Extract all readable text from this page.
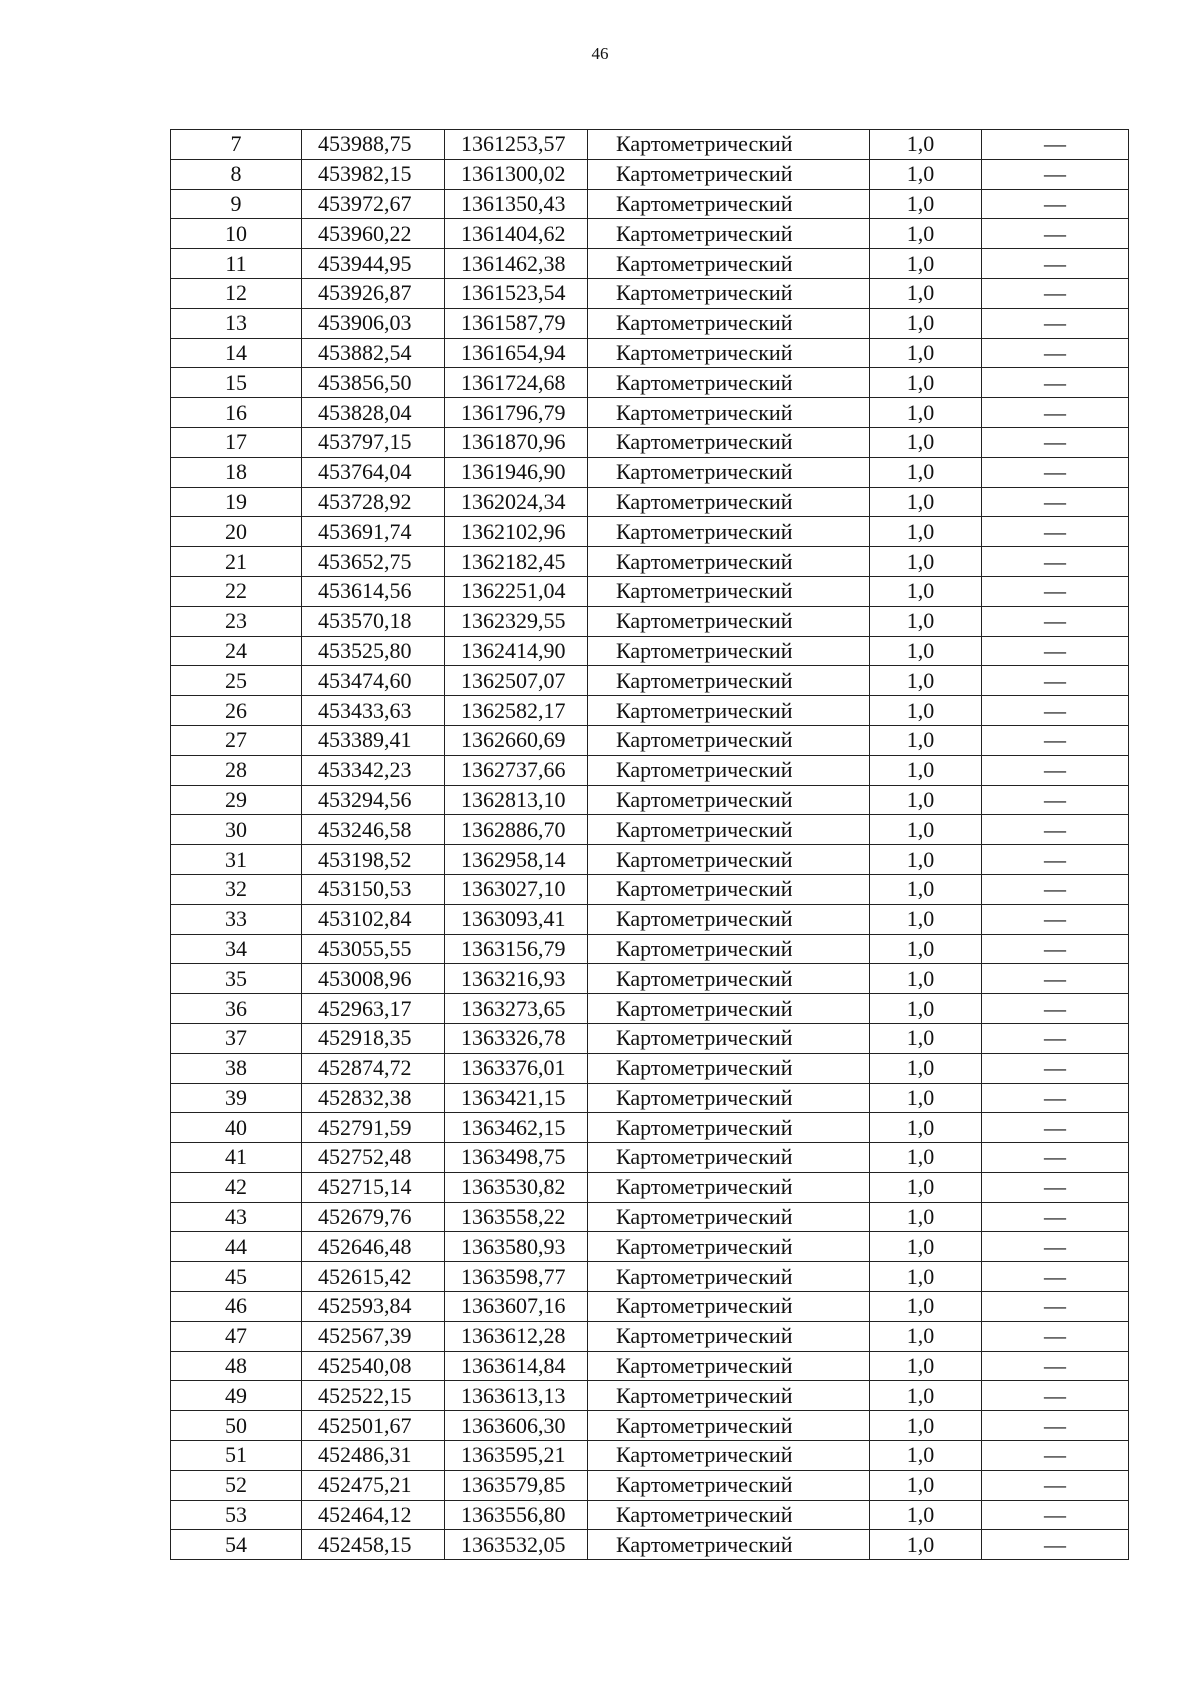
46
7	453988,75	1361253,57	Картометрический	1,0	—
8	453982,15	1361300,02	Картометрический	1,0	—
9	453972,67	1361350,43	Картометрический	1,0	—
10	453960,22	1361404,62	Картометрический	1,0	—
11	453944,95	1361462,38	Картометрический	1,0	—
12	453926,87	1361523,54	Картометрический	1,0	—
13	453906,03	1361587,79	Картометрический	1,0	—
14	453882,54	1361654,94	Картометрический	1,0	—
15	453856,50	1361724,68	Картометрический	1,0	—
16	453828,04	1361796,79	Картометрический	1,0	—
17	453797,15	1361870,96	Картометрический	1,0	—
18	453764,04	1361946,90	Картометрический	1,0	—
19	453728,92	1362024,34	Картометрический	1,0	—
20	453691,74	1362102,96	Картометрический	1,0	—
21	453652,75	1362182,45	Картометрический	1,0	—
22	453614,56	1362251,04	Картометрический	1,0	—
23	453570,18	1362329,55	Картометрический	1,0	—
24	453525,80	1362414,90	Картометрический	1,0	—
25	453474,60	1362507,07	Картометрический	1,0	—
26	453433,63	1362582,17	Картометрический	1,0	—
27	453389,41	1362660,69	Картометрический	1,0	—
28	453342,23	1362737,66	Картометрический	1,0	—
29	453294,56	1362813,10	Картометрический	1,0	—
30	453246,58	1362886,70	Картометрический	1,0	—
31	453198,52	1362958,14	Картометрический	1,0	—
32	453150,53	1363027,10	Картометрический	1,0	—
33	453102,84	1363093,41	Картометрический	1,0	—
34	453055,55	1363156,79	Картометрический	1,0	—
35	453008,96	1363216,93	Картометрический	1,0	—
36	452963,17	1363273,65	Картометрический	1,0	—
37	452918,35	1363326,78	Картометрический	1,0	—
38	452874,72	1363376,01	Картометрический	1,0	—
39	452832,38	1363421,15	Картометрический	1,0	—
40	452791,59	1363462,15	Картометрический	1,0	—
41	452752,48	1363498,75	Картометрический	1,0	—
42	452715,14	1363530,82	Картометрический	1,0	—
43	452679,76	1363558,22	Картометрический	1,0	—
44	452646,48	1363580,93	Картометрический	1,0	—
45	452615,42	1363598,77	Картометрический	1,0	—
46	452593,84	1363607,16	Картометрический	1,0	—
47	452567,39	1363612,28	Картометрический	1,0	—
48	452540,08	1363614,84	Картометрический	1,0	—
49	452522,15	1363613,13	Картометрический	1,0	—
50	452501,67	1363606,30	Картометрический	1,0	—
51	452486,31	1363595,21	Картометрический	1,0	—
52	452475,21	1363579,85	Картометрический	1,0	—
53	452464,12	1363556,80	Картометрический	1,0	—
54	452458,15	1363532,05	Картометрический	1,0	—
